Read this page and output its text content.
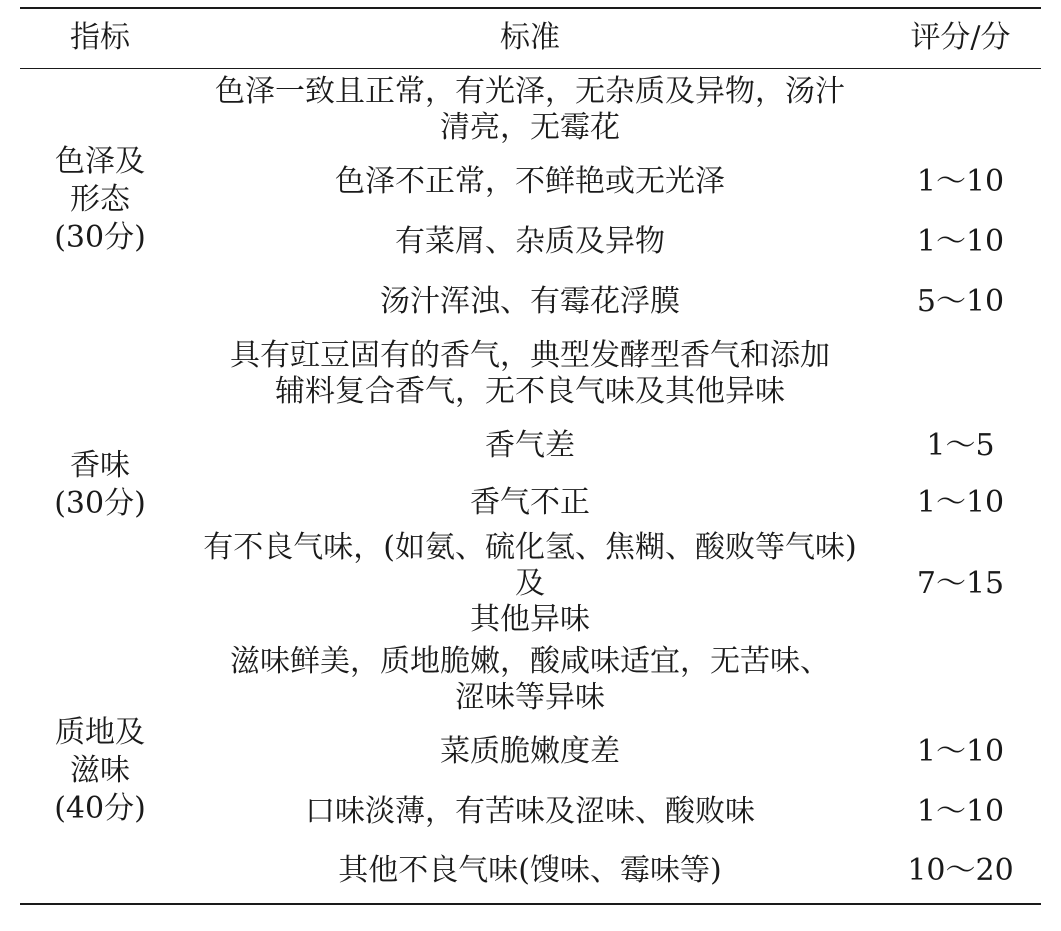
指标	标准	评分/分
色泽及
形态
(30分)	色泽一致且正常，有光泽，无杂质及异物，汤汁
清亮，无霉花	
	色泽不正常，不鲜艳或无光泽	1～10
	有菜屑、杂质及异物	1～10
	汤汁浑浊、有霉花浮膜	5～10
香味
(30分)	具有豇豆固有的香气，典型发酵型香气和添加
辅料复合香气，无不良气味及其他异味	
	香气差	1～5
	香气不正	1～10
	有不良气味，(如氨、硫化氢、焦糊、酸败等气味) 及
其他异味	7～15
质地及
滋味
(40分)	滋味鲜美，质地脆嫩，酸咸味适宜，无苦味、
涩味等异味	
	菜质脆嫩度差	1～10
	口味淡薄，有苦味及涩味、酸败味	1～10
	其他不良气味(馊味、霉味等)	10～20
